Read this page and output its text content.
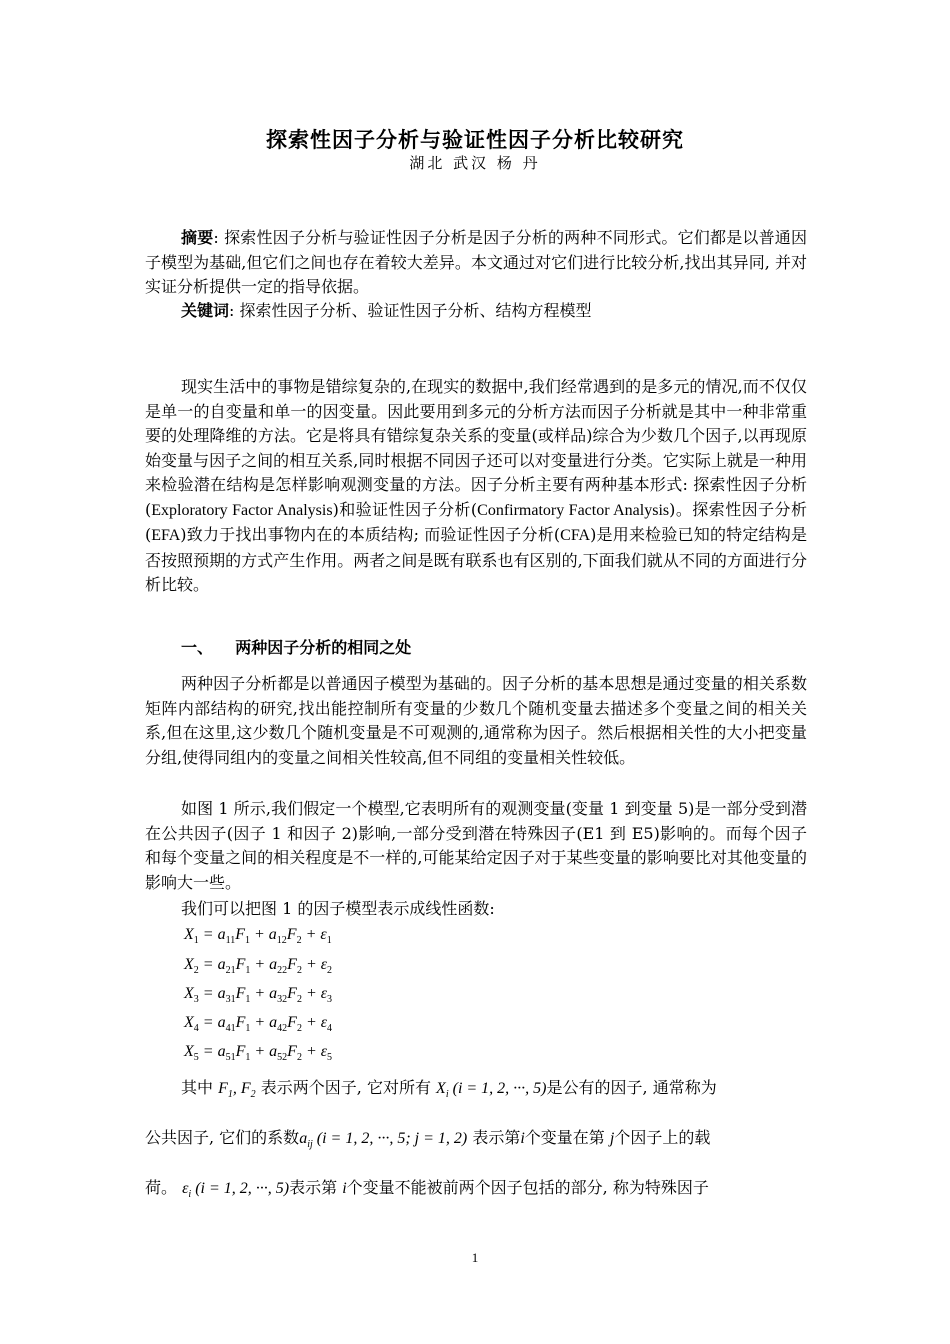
探索性因子分析与验证性因子分析比较研究
湖北 武汉 杨 丹
摘要: 探索性因子分析与验证性因子分析是因子分析的两种不同形式。它们都是以普通因子模型为基础,但它们之间也存在着较大差异。本文通过对它们进行比较分析,找出其异同, 并对实证分析提供一定的指导依据。
关键词: 探索性因子分析、验证性因子分析、结构方程模型
现实生活中的事物是错综复杂的,在现实的数据中,我们经常遇到的是多元的情况,而不仅仅是单一的自变量和单一的因变量。因此要用到多元的分析方法而因子分析就是其中一种非常重要的处理降维的方法。它是将具有错综复杂关系的变量(或样品)综合为少数几个因子,以再现原始变量与因子之间的相互关系,同时根据不同因子还可以对变量进行分类。它实际上就是一种用来检验潜在结构是怎样影响观测变量的方法。因子分析主要有两种基本形式: 探索性因子分析(Exploratory Factor Analysis)和验证性因子分析(Confirmatory Factor Analysis)。探索性因子分析(EFA)致力于找出事物内在的本质结构; 而验证性因子分析(CFA)是用来检验已知的特定结构是否按照预期的方式产生作用。两者之间是既有联系也有区别的,下面我们就从不同的方面进行分析比较。
一、    两种因子分析的相同之处
两种因子分析都是以普通因子模型为基础的。因子分析的基本思想是通过变量的相关系数矩阵内部结构的研究,找出能控制所有变量的少数几个随机变量去描述多个变量之间的相关关系,但在这里,这少数几个随机变量是不可观测的,通常称为因子。然后根据相关性的大小把变量分组,使得同组内的变量之间相关性较高,但不同组的变量相关性较低。
如图 1 所示,我们假定一个模型,它表明所有的观测变量(变量 1 到变量 5)是一部分受到潜在公共因子(因子 1 和因子 2)影响,一部分受到潜在特殊因子(E1 到 E5)影响的。而每个因子和每个变量之间的相关程度是不一样的,可能某给定因子对于某些变量的影响要比对其他变量的影响大一些。
我们可以把图 1 的因子模型表示成线性函数:
$X_1 = a_{11}F_1 + a_{12}F_2 + \varepsilon_1$
$X_2 = a_{21}F_1 + a_{22}F_2 + \varepsilon_2$
$X_3 = a_{31}F_1 + a_{32}F_2 + \varepsilon_3$
$X_4 = a_{41}F_1 + a_{42}F_2 + \varepsilon_4$
$X_5 = a_{51}F_1 + a_{52}F_2 + \varepsilon_5$
其中 $F_1$, $F_2$ 表示两个因子, 它对所有 $X_i$ (i = 1, 2, ···, 5)是公有的因子, 通常称为
公共因子, 它们的系数$a_{ij}$ (i = 1, 2, ···, 5; j = 1, 2) 表示第i个变量在第 j个因子上的载
荷。 $\varepsilon_i$ (i = 1, 2, ···, 5)表示第 i个变量不能被前两个因子包括的部分, 称为特殊因子
1
